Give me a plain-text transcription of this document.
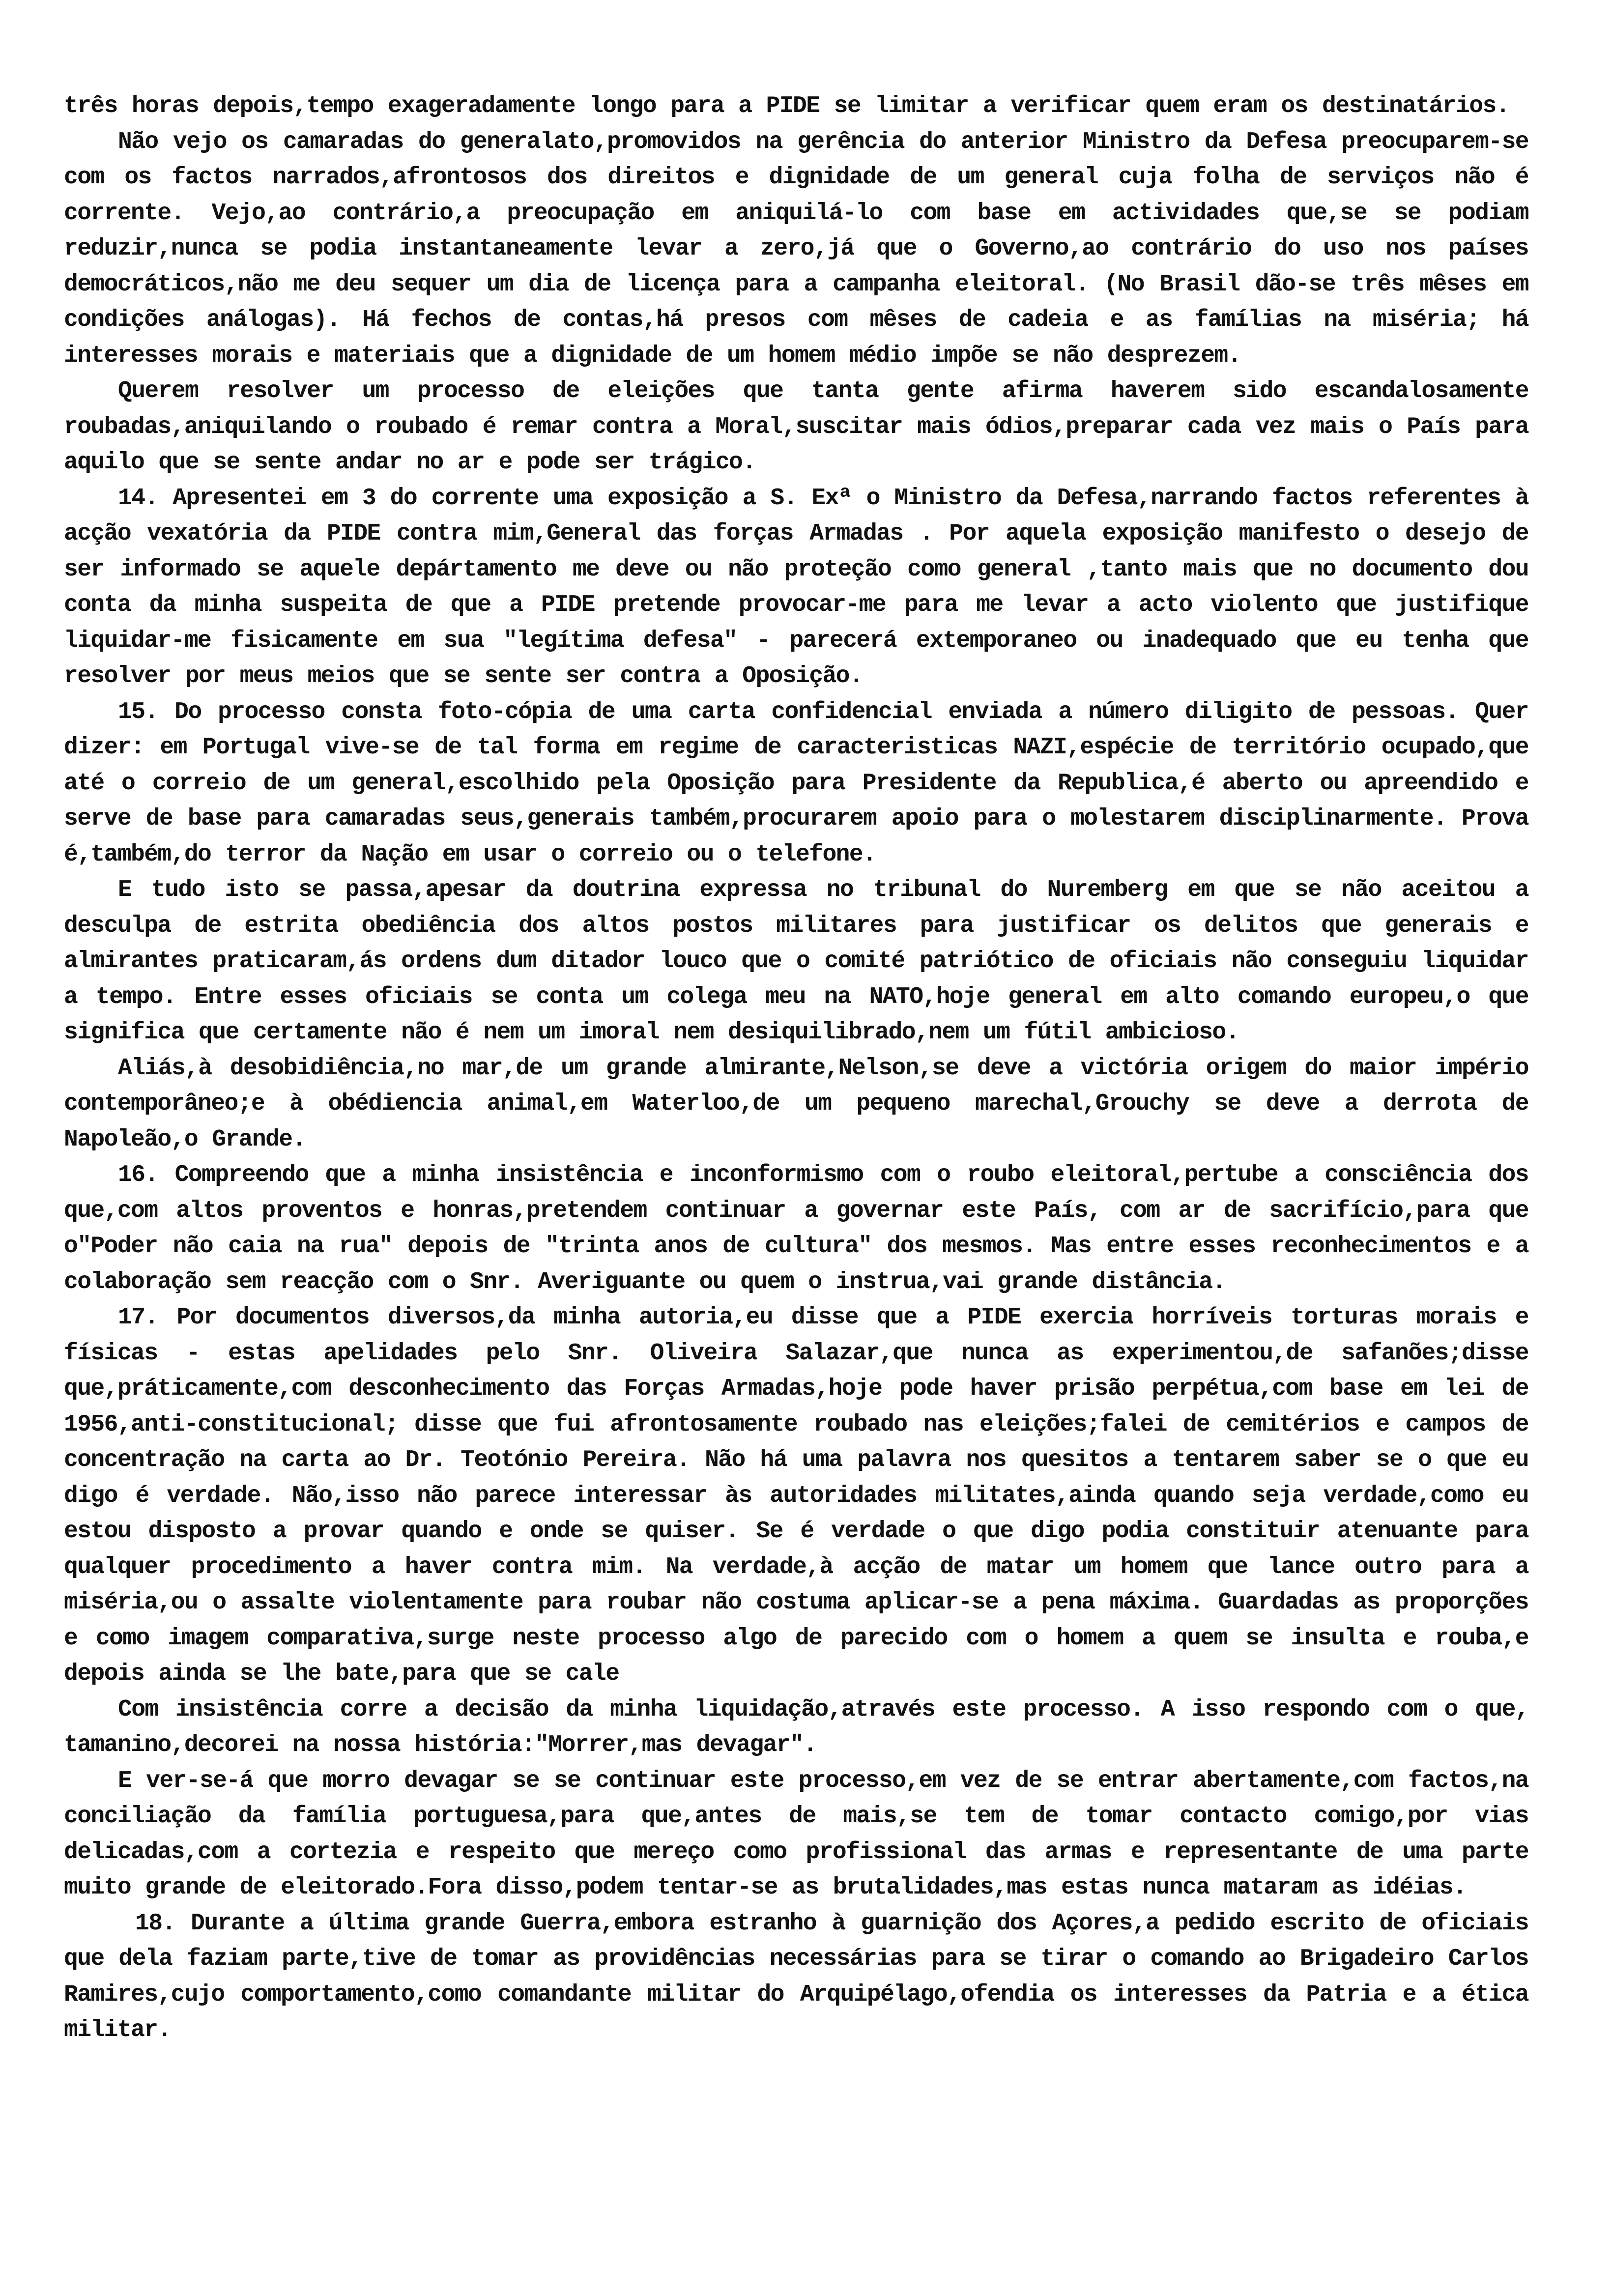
três horas depois,tempo exageradamente longo para a PIDE se limitar a verificar quem eram os destinatários.

Não vejo os camaradas do generalato,promovidos na gerência do anterior Ministro da Defesa preocuparem-se com os factos narrados,afrontosos dos direitos e dignidade de um general cuja folha de serviços não é corrente. Vejo,ao contrário,a preocupação em aniquilá-lo com base em actividades que,se se podiam reduzir,nunca se podia instantaneamente levar a zero,já que o Governo,ao contrário do uso nos países democráticos,não me deu sequer um dia de licença para a campanha eleitoral. (No Brasil dão-se três mêses em condições análogas). Há fechos de contas,há presos com mêses de cadeia e as famílias na miséria; há interesses morais e materiais que a dignidade de um homem médio impõe se não desprezem.

Querem resolver um processo de eleições que tanta gente afirma haverem sido escandalosamente roubadas,aniquilando o roubado é remar contra a Moral,suscitar mais ódios,preparar cada vez mais o País para aquilo que se sente andar no ar e pode ser trágico.

14. Apresentei em 3 do corrente uma exposição a S. Exª o Ministro da Defesa,narrando factos referentes à acção vexatória da PIDE contra mim,General das forças Armadas . Por aquela exposição manifesto o desejo de ser informado se aquele depártamento me deve ou não proteção como general ,tanto mais que no documento dou conta da minha suspeita de que a PIDE pretende provocar-me para me levar a acto violento que justifique liquidar-me fisicamente em sua "legítima defesa" - parecerá extemporaneo ou inadequado que eu tenha que resolver por meus meios que se sente ser contra a Oposição.

15. Do processo consta foto-cópia de uma carta confidencial enviada a número diligito de pessoas. Quer dizer: em Portugal vive-se de tal forma em regime de caracteristicas NAZI,espécie de território ocupado,que até o correio de um general,escolhido pela Oposição para Presidente da Republica,é aberto ou apreendido e serve de base para camaradas seus,generais também,procurarem apoio para o molestarem disciplinarmente. Prova é,também,do terror da Nação em usar o correio ou o telefone.

E tudo isto se passa,apesar da doutrina expressa no tribunal do Nuremberg em que se não aceitou a desculpa de estrita obediência dos altos postos militares para justificar os delitos que generais e almirantes praticaram,ás ordens dum ditador louco que o comité patriótico de oficiais não conseguiu liquidar a tempo. Entre esses oficiais se conta um colega meu na NATO,hoje general em alto comando europeu,o que significa que certamente não é nem um imoral nem desiquilibrado,nem um fútil ambicioso.

Aliás,à desobidiência,no mar,de um grande almirante,Nelson,se deve a victória origem do maior império contemporâneo;e à obédiencia animal,em Waterloo,de um pequeno marechal,Grouchy se deve a derrota de Napoleão,o Grande.

16. Compreendo que a minha insistência e inconformismo com o roubo eleitoral,pertube a consciência dos que,com altos proventos e honras,pretendem continuar a governar este País, com ar de sacrifício,para que o"Poder não caia na rua" depois de "trinta anos de cultura" dos mesmos. Mas entre esses reconhecimentos e a colaboração sem reacção com o Snr. Averiguante ou quem o instrua,vai grande distância.

17. Por documentos diversos,da minha autoria,eu disse que a PIDE exercia horríveis torturas morais e físicas - estas apelidades pelo Snr. Oliveira Salazar,que nunca as experimentou,de safanões;disse que,práticamente,com desconhecimento das Forças Armadas,hoje pode haver prisão perpétua,com base em lei de 1956,anti-constitucional; disse que fui afrontosamente roubado nas eleições;falei de cemitérios e campos de concentração na carta ao Dr. Teotónio Pereira. Não há uma palavra nos quesitos a tentarem saber se o que eu digo é verdade. Não,isso não parece interessar às autoridades militates,ainda quando seja verdade,como eu estou disposto a provar quando e onde se quiser. Se é verdade o que digo podia constituir atenuante para qualquer procedimento a haver contra mim. Na verdade,à acção de matar um homem que lance outro para a miséria,ou o assalte violentamente para roubar não costuma aplicar-se a pena máxima. Guardadas as proporções e como imagem comparativa,surge neste processo algo de parecido com o homem a quem se insulta e rouba,e depois ainda se lhe bate,para que se cale

Com insistência corre a decisão da minha liquidação,através este processo. A isso respondo com o que, tamanino,decorei na nossa história:"Morrer,mas devagar".

E ver-se-á que morro devagar se se continuar este processo,em vez de se entrar abertamente,com factos,na conciliação da família portuguesa,para que,antes de mais,se tem de tomar contacto comigo,por vias delicadas,com a cortezia e respeito que mereço como profissional das armas e representante de uma parte muito grande de eleitorado.Fora disso,podem tentar-se as brutalidades,mas estas nunca mataram as idéias.

18. Durante a última grande Guerra,embora estranho à guarnição dos Açores,a pedido escrito de oficiais que dela faziam parte,tive de tomar as providências necessárias para se tirar o comando ao Brigadeiro Carlos Ramires,cujo comportamento,como comandante militar do Arquipélago,ofendia os interesses da Patria e a ética militar.
